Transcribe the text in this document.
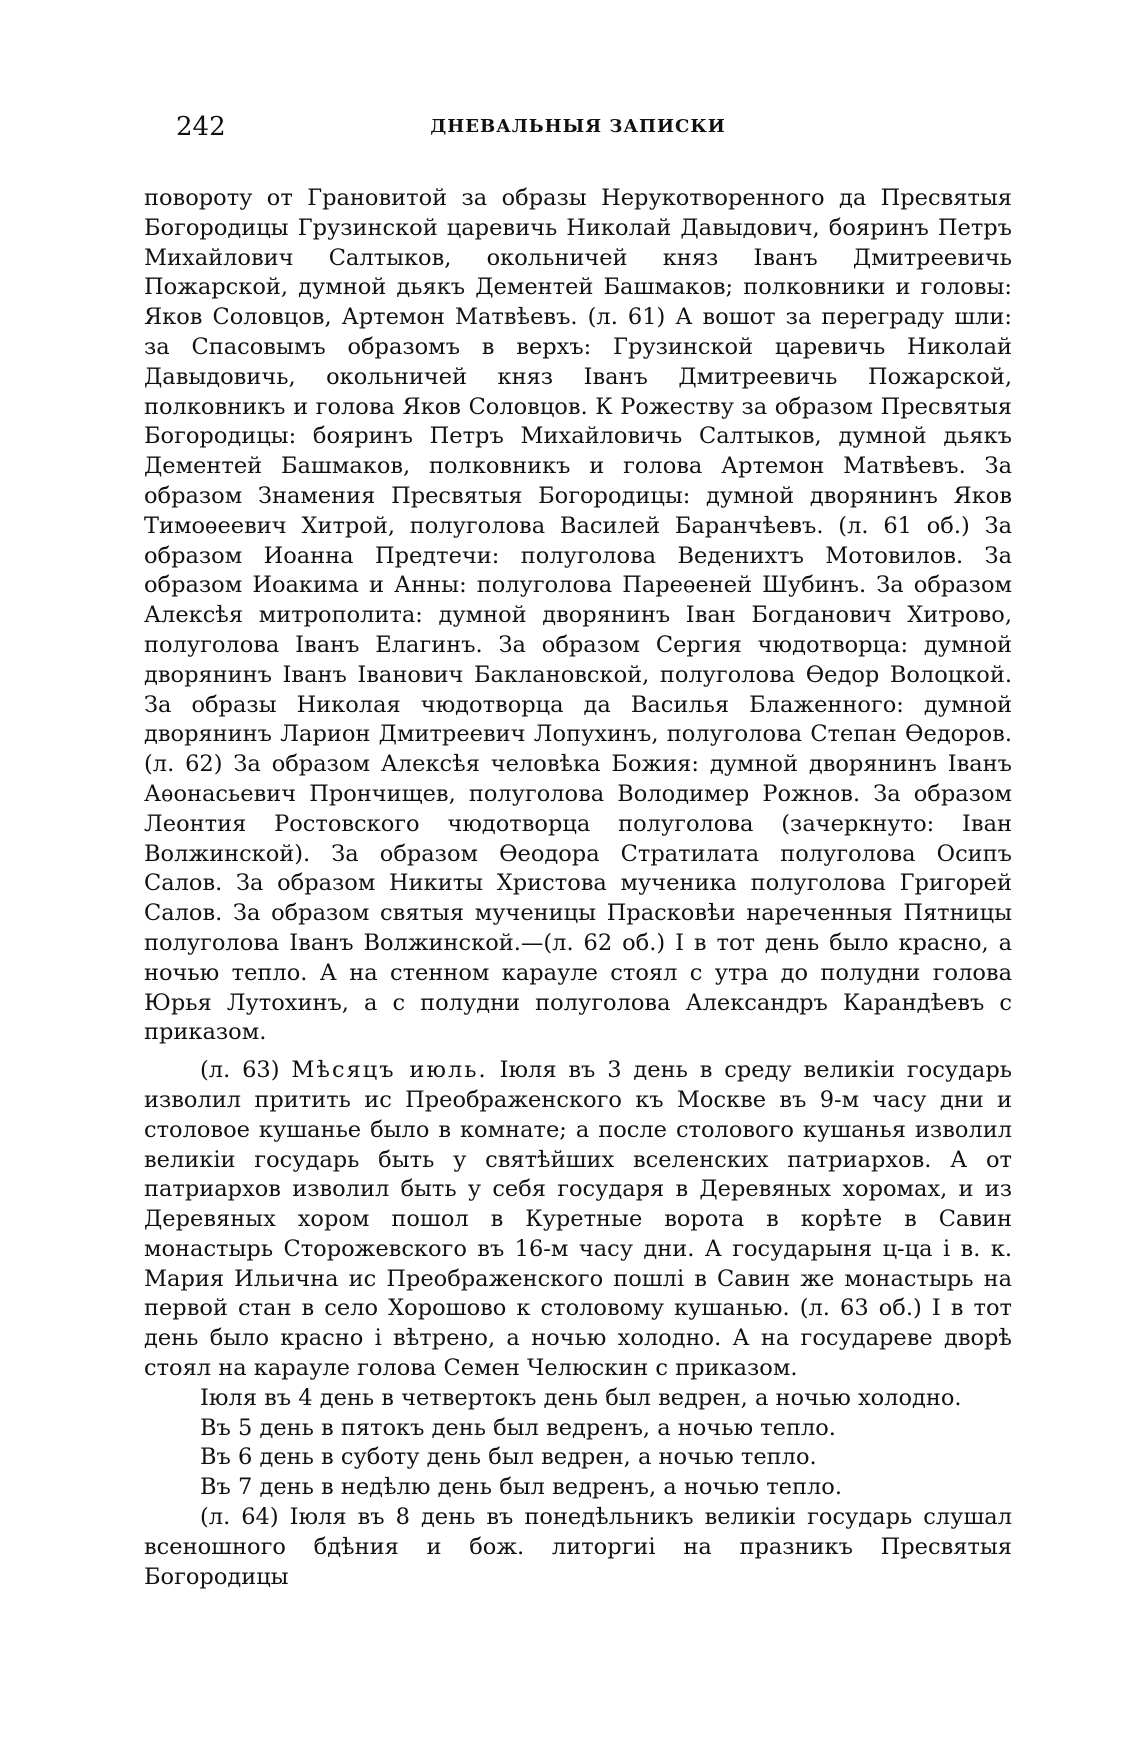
242	ДНЕВАЛЬНЫЯ ЗАПИСКИ

повороту от Грановитой за образы Нерукотворенного да Пресвятыя Богородицы Грузинской царевичь Николай Давыдович, бояринъ Петръ Михайлович Салтыков, окольничей княз Iванъ Дмитреевичь Пожарской, думной дьякъ Дементей Башмаков; полковники и головы: Яков Соловцов, Артемон Матвѣевъ. (л. 61) А вошот за перегpаду шли: за Спасовымъ образомъ в верхъ: Грузинской царевичь Николай Давыдовичь, окольничей княз Iванъ Дмитреевичь Пожарской, полковникъ и голова Яков Соловцов. К Рожеству за образом Пресвятыя Богородицы: бояринъ Петръ Михайловичь Салтыков, думной дьякъ Дементей Башмаков, полковникъ и голова Артемон Матвѣевъ. За образом Знамения Пресвятыя Богородицы: думной дворянинъ Яков Тимоѳеевич Хитрой, полуголова Василей Баранчѣевъ. (л. 61 об.) За образом Иоанна Предтечи: полуголова Веденихтъ Мотовилов. За образом Иоакима и Анны: полуголова Пареѳеней Шубинъ. За образом Алексѣя митрополита: думной дворянинъ Iван Богданович Хитрово, полуголова Iванъ Елагинъ. За образом Сергия чюдотворца: думной дворянинъ Iванъ Iванович Баклановской, полуголова Ѳедор Волоцкой. За образы Николая чюдотворца да Василья Блаженного: думной дворянинъ Ларион Дмитреевич Лопухинъ, полуголова Степан Ѳедоров. (л. 62) За образом Алексѣя человѣка Божия: думной дворянинъ Iванъ Аѳонасьевич Прончищев, полуголова Володимер Рожнов. За образом Леонтия Ростовского чюдотворца полуголова (зачеркнуто: Iван Волжинской). За образом Ѳеодора Стратилата полуголова Осипъ Салов. За образом Никиты Христова мученика полуголова Григорей Салов. За образом святыя мученицы Прасковѣи нареченныя Пятницы полуголова Iванъ Волжинской.—(л. 62 об.) I в тот день было красно, а ночью тепло. А на стенном карауле стоял с утра до полудни голова Юрья Лутохинъ, а с полудни полуголова Александръ Карандѣевъ с приказом.

(л. 63) Мѣсяцъ июль. Iюля въ 3 день в среду великiи государь изволил притить ис Преображенского къ Москве въ 9-м часу дни и столовое кушанье было в комнате; а после столового кушанья изволил великiи государь быть у святѣйших вселенских патриархов. А от патриархов изволил быть у себя государя в Деревяных хоромах, и из Деревяных хором пошол в Куретные ворота в корѣте в Савин монастырь Сторожевского въ 16-м часу дни. А государыня ц-ца i в. к. Мария Ильична ис Преображенского пошлi в Савин же монастырь на первой стан в село Хорошово к столовому кушанью. (л. 63 об.) I в тот день было красно i вѣтрено, а ночью холодно. А на государеве дворѣ стоял на карауле голова Семен Челюскин с приказом.

Iюля въ 4 день в четвертокъ день был ведрен, а ночью холодно.

Въ 5 день в пятокъ день был ведренъ, а ночью тепло.

Въ 6 день в суботу день был ведрен, а ночью тепло.

Въ 7 день в недѣлю день был ведренъ, а ночью тепло.

(л. 64) Iюля въ 8 день въ понедѣльникъ великiи государь слушал всеношного бдѣния и бож. литоргиi на празникъ Пресвятыя Богородицы
